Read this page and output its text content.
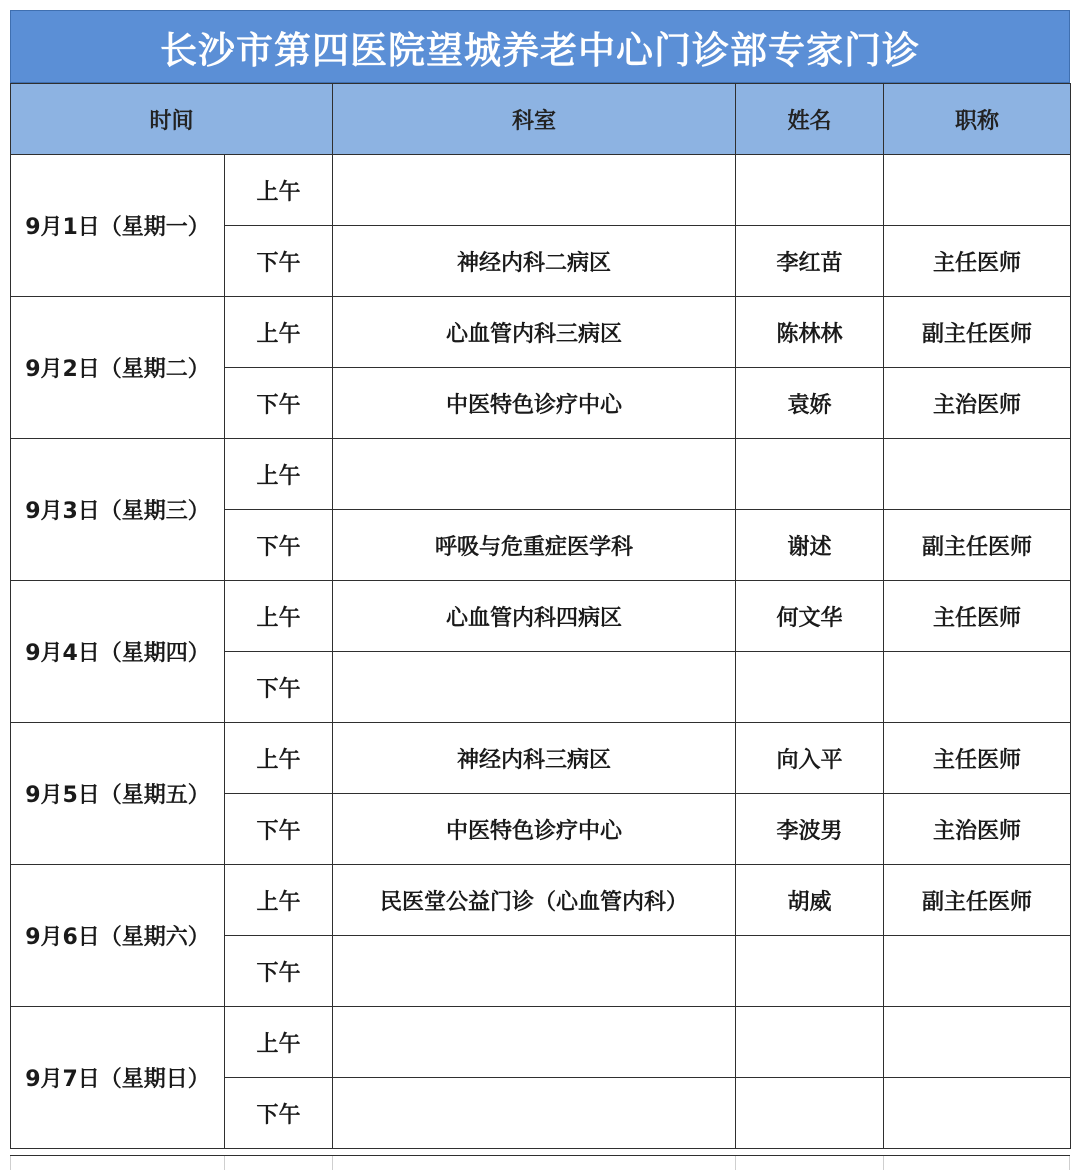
长沙市第四医院望城养老中心门诊部专家门诊
时间		科室	姓名	职称
9月1日（星期一）	上午			
	下午	神经内科二病区	李红苗	主任医师
9月2日（星期二）	上午	心血管内科三病区	陈林林	副主任医师
	下午	中医特色诊疗中心	袁娇	主治医师
9月3日（星期三）	上午			
	下午	呼吸与危重症医学科	谢述	副主任医师
9月4日（星期四）	上午	心血管内科四病区	何文华	主任医师
	下午			
9月5日（星期五）	上午	神经内科三病区	向入平	主任医师
	下午	中医特色诊疗中心	李波男	主治医师
9月6日（星期六）	上午	民医堂公益门诊（心血管内科）	胡威	副主任医师
	下午			
9月7日（星期日）	上午			
	下午			
